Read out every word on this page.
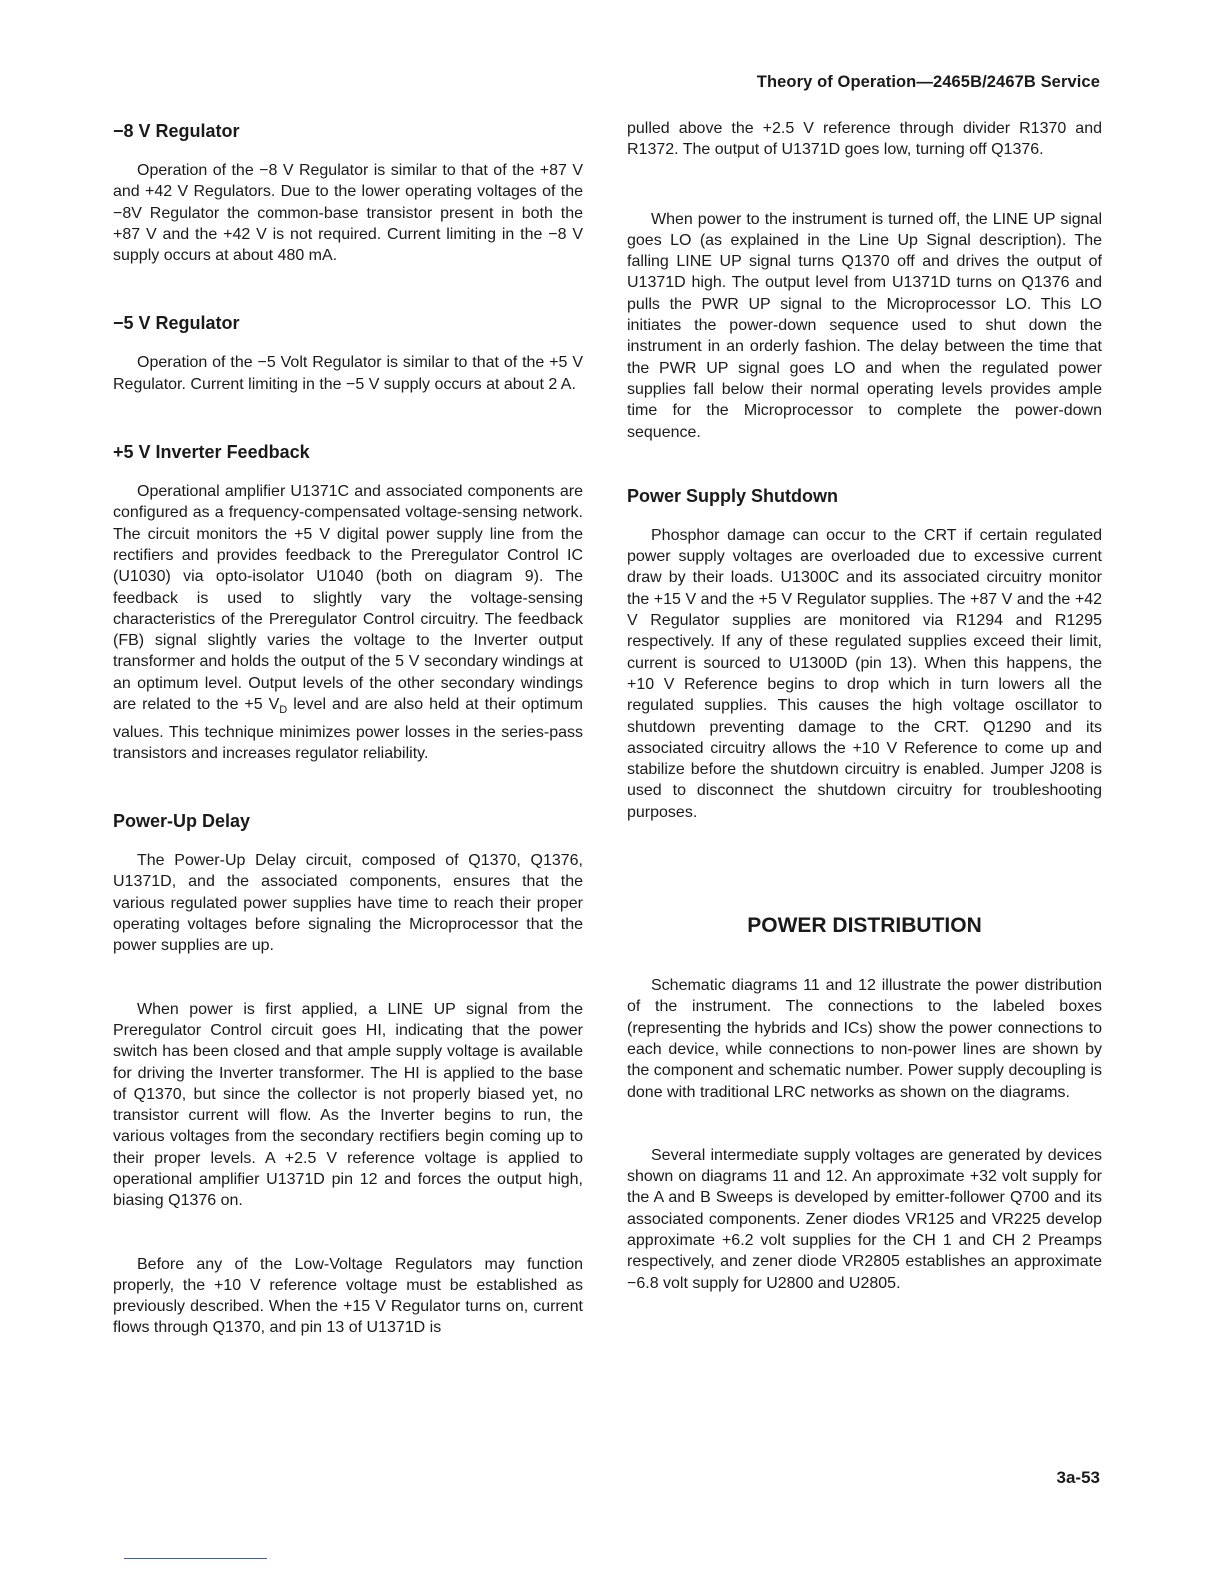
Theory of Operation—2465B/2467B Service
−8 V Regulator

Operation of the −8 V Regulator is similar to that of the +87 V and +42 V Regulators. Due to the lower operating voltages of the −8V Regulator the common-base transistor present in both the +87 V and the +42 V is not required. Current limiting in the −8 V supply occurs at about 480 mA.

−5 V Regulator

Operation of the −5 Volt Regulator is similar to that of the +5 V Regulator. Current limiting in the −5 V supply occurs at about 2 A.

+5 V Inverter Feedback

Operational amplifier U1371C and associated components are configured as a frequency-compensated voltage-sensing network. The circuit monitors the +5 V digital power supply line from the rectifiers and provides feedback to the Preregulator Control IC (U1030) via opto-isolator U1040 (both on diagram 9). The feedback is used to slightly vary the voltage-sensing characteristics of the Preregulator Control circuitry. The feedback (FB) signal slightly varies the voltage to the Inverter output transformer and holds the output of the 5 V secondary windings at an optimum level. Output levels of the other secondary windings are related to the +5 $V_D$ level and are also held at their optimum values. This technique minimizes power losses in the series-pass transistors and increases regulator reliability.

Power-Up Delay

The Power-Up Delay circuit, composed of Q1370, Q1376, U1371D, and the associated components, ensures that the various regulated power supplies have time to reach their proper operating voltages before signaling the Microprocessor that the power supplies are up.

When power is first applied, a LINE UP signal from the Preregulator Control circuit goes HI, indicating that the power switch has been closed and that ample supply voltage is available for driving the Inverter transformer. The HI is applied to the base of Q1370, but since the collector is not properly biased yet, no transistor current will flow. As the Inverter begins to run, the various voltages from the secondary rectifiers begin coming up to their proper levels. A +2.5 V reference voltage is applied to operational amplifier U1371D pin 12 and forces the output high, biasing Q1376 on.

Before any of the Low-Voltage Regulators may function properly, the +10 V reference voltage must be established as previously described. When the +15 V Regulator turns on, current flows through Q1370, and pin 13 of U1371D is

pulled above the +2.5 V reference through divider R1370 and R1372. The output of U1371D goes low, turning off Q1376.

When power to the instrument is turned off, the LINE UP signal goes LO (as explained in the Line Up Signal description). The falling LINE UP signal turns Q1370 off and drives the output of U1371D high. The output level from U1371D turns on Q1376 and pulls the PWR UP signal to the Microprocessor LO. This LO initiates the power-down sequence used to shut down the instrument in an orderly fashion. The delay between the time that the PWR UP signal goes LO and when the regulated power supplies fall below their normal operating levels provides ample time for the Microprocessor to complete the power-down sequence.

Power Supply Shutdown

Phosphor damage can occur to the CRT if certain regulated power supply voltages are overloaded due to excessive current draw by their loads. U1300C and its associated circuitry monitor the +15 V and the +5 V Regulator supplies. The +87 V and the +42 V Regulator supplies are monitored via R1294 and R1295 respectively. If any of these regulated supplies exceed their limit, current is sourced to U1300D (pin 13). When this happens, the +10 V Reference begins to drop which in turn lowers all the regulated supplies. This causes the high voltage oscillator to shutdown preventing damage to the CRT. Q1290 and its associated circuitry allows the +10 V Reference to come up and stabilize before the shutdown circuitry is enabled. Jumper J208 is used to disconnect the shutdown circuitry for troubleshooting purposes.

POWER DISTRIBUTION

Schematic diagrams 11 and 12 illustrate the power distribution of the instrument. The connections to the labeled boxes (representing the hybrids and ICs) show the power connections to each device, while connections to non-power lines are shown by the component and schematic number. Power supply decoupling is done with traditional LRC networks as shown on the diagrams.

Several intermediate supply voltages are generated by devices shown on diagrams 11 and 12. An approximate +32 volt supply for the A and B Sweeps is developed by emitter-follower Q700 and its associated components. Zener diodes VR125 and VR225 develop approximate +6.2 volt supplies for the CH 1 and CH 2 Preamps respectively, and zener diode VR2805 establishes an approximate −6.8 volt supply for U2800 and U2805.

3a-53
